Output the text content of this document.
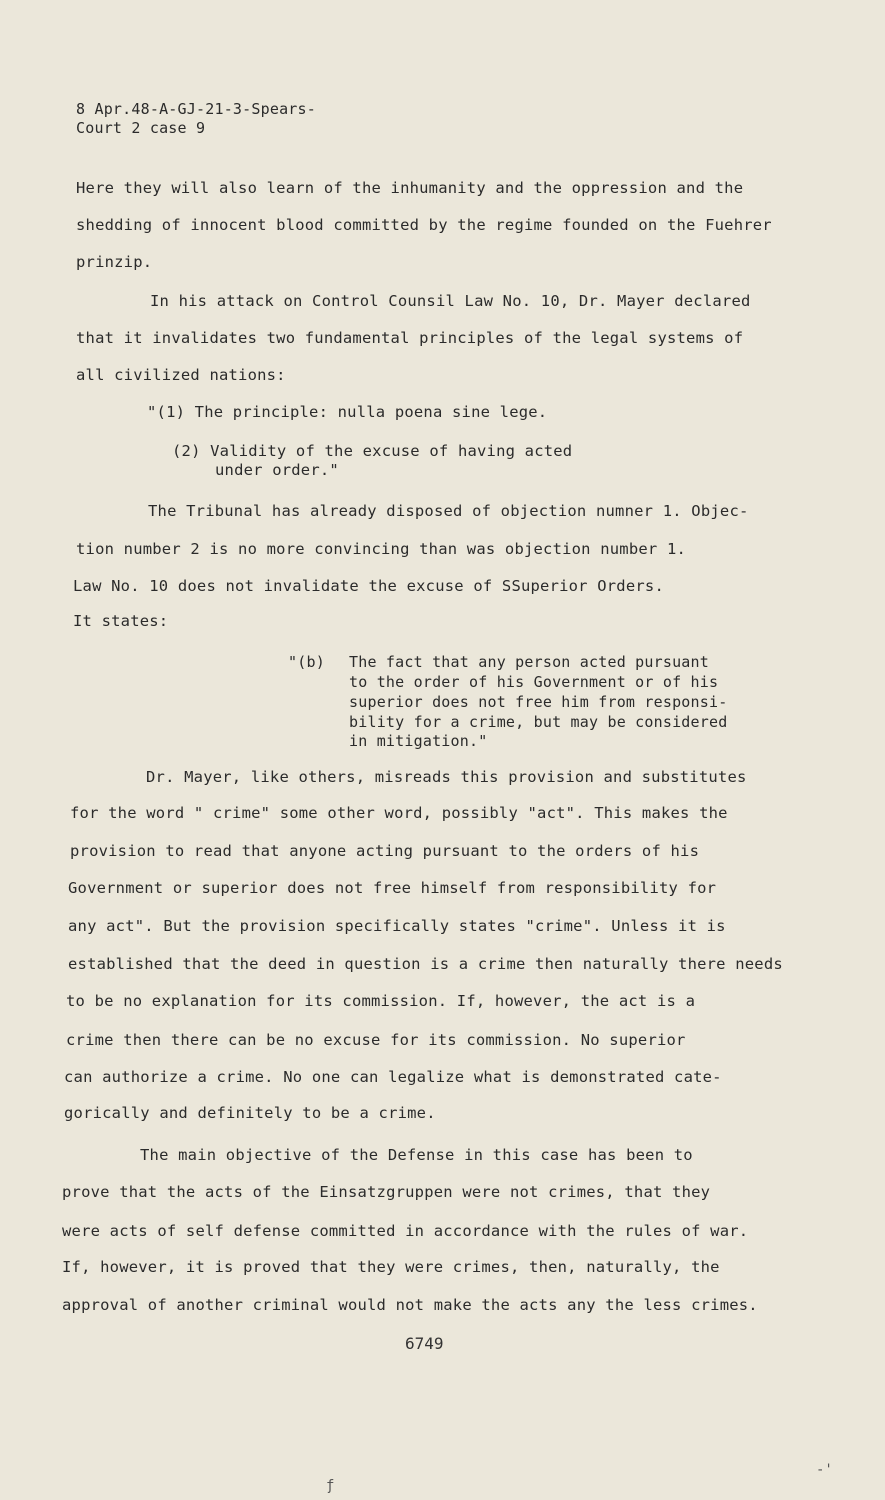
8 Apr.48-A-GJ-21-3-Spears-
Court 2 case 9
Here they will also learn of the inhumanity and the oppression and the
shedding of innocent blood committed by the regime founded on the Fuehrer
prinzip.
In his attack on Control Counsil Law No. 10, Dr. Mayer declared
that it invalidates two fundamental principles of the legal systems of
all civilized nations:
"(1) The principle: nulla poena sine lege.
(2) Validity of the excuse of having acted
under order."
The Tribunal has already disposed of objection numner 1. Objec-
tion number 2 is no more convincing than was objection number 1.
Law No. 10 does not invalidate the excuse of SSuperior Orders.
It states:
"(b) The fact that any person acted pursuant
to the order of his Government or of his
superior does not free him from responsi-
bility for a crime, but may be considered
in mitigation."
Dr. Mayer, like others, misreads this provision and substitutes
for the word " crime" some other word, possibly "act". This makes the
provision to read that anyone acting pursuant to the orders of his
Government or superior does not free himself from responsibility for
any act". But the provision specifically states "crime". Unless it is
established that the deed in question is a crime then naturally there needs
to be no explanation for its commission. If, however, the act is a
crime then there can be no excuse for its commission. No superior
can authorize a crime. No one can legalize what is demonstrated cate-
gorically and definitely to be a crime.
The main objective of the Defense in this case has been to
prove that the acts of the Einsatzgruppen were not crimes, that they
were acts of self defense committed in accordance with the rules of war.
If, however, it is proved that they were crimes, then, naturally, the
approval of another criminal would not make the acts any the less crimes.
6749
ƒ
-'
